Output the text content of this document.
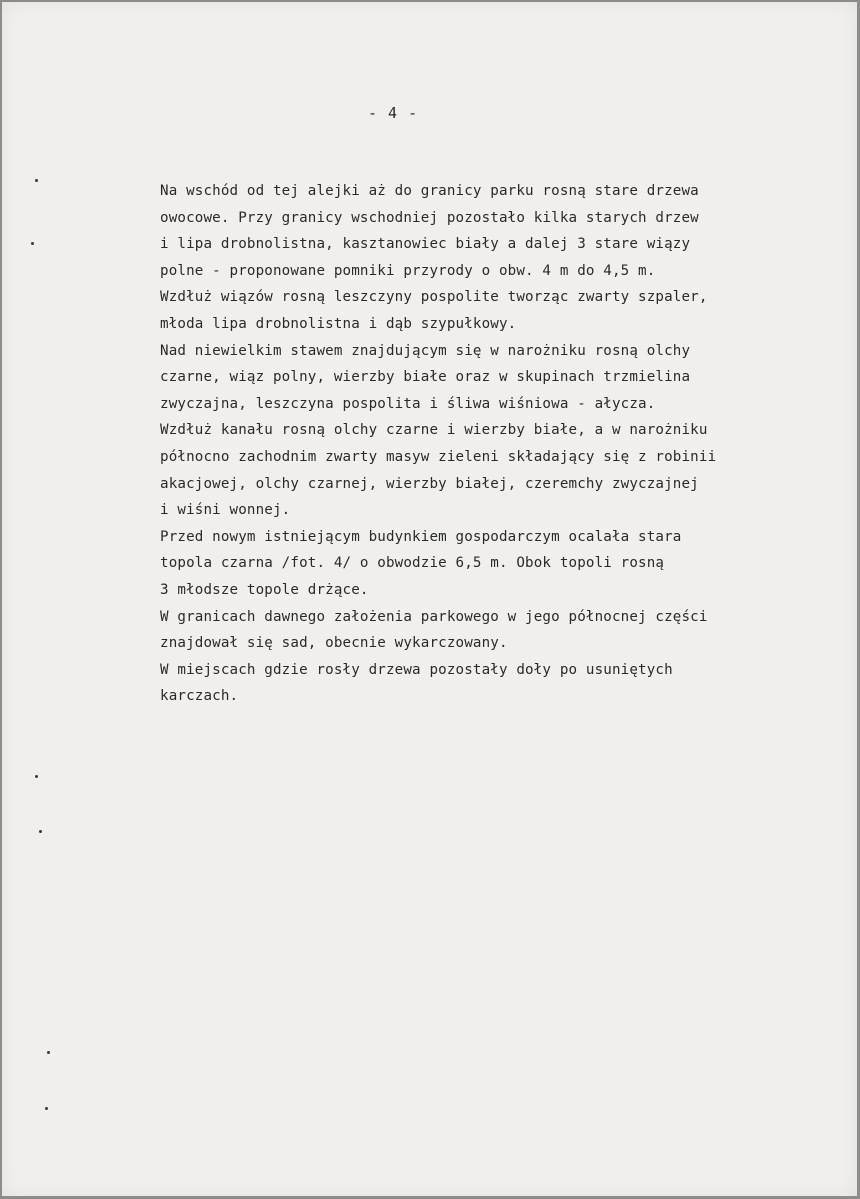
- 4 -
Na wschód od tej alejki aż do granicy parku rosną stare drzewa
owocowe. Przy granicy wschodniej pozostało kilka starych drzew
i lipa drobnolistna, kasztanowiec biały a dalej 3 stare wiązy
polne - proponowane pomniki przyrody o obw. 4 m do 4,5 m.
Wzdłuż wiązów rosną leszczyny pospolite tworząc zwarty szpaler,
młoda lipa drobnolistna i dąb szypułkowy.
Nad niewielkim stawem znajdującym się w narożniku rosną olchy
czarne, wiąz polny, wierzby białe oraz w skupinach trzmielina
zwyczajna, leszczyna pospolita i śliwa wiśniowa - ałycza.
Wzdłuż kanału rosną olchy czarne i wierzby białe, a w narożniku
północno zachodnim zwarty masyw zieleni składający się z robinii
akacjowej, olchy czarnej, wierzby białej, czeremchy zwyczajnej
i wiśni wonnej.
Przed nowym istniejącym budynkiem gospodarczym ocalała stara
topola czarna /fot. 4/ o obwodzie 6,5 m. Obok topoli rosną
3 młodsze topole drżące.
W granicach dawnego założenia parkowego w jego północnej części
znajdował się sad, obecnie wykarczowany.
W miejscach gdzie rosły drzewa pozostały doły po usuniętych
karczach.
